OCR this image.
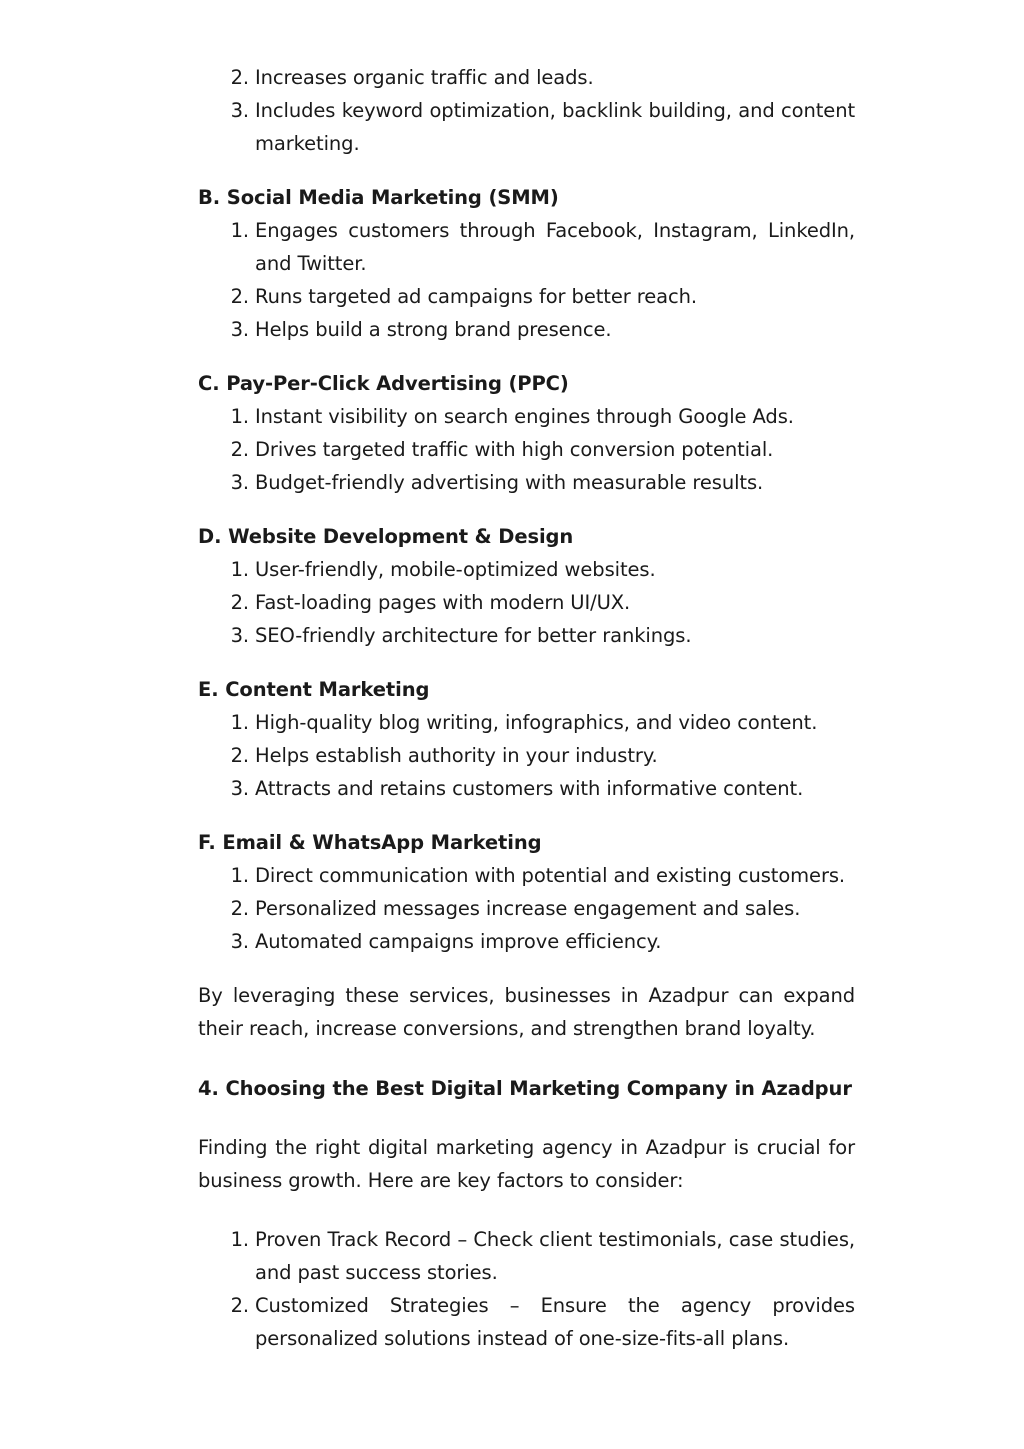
2. Increases organic traffic and leads.
3. Includes keyword optimization, backlink building, and content marketing.

B. Social Media Marketing (SMM)

1. Engages customers through Facebook, Instagram, LinkedIn, and Twitter.
2. Runs targeted ad campaigns for better reach.
3. Helps build a strong brand presence.

C. Pay-Per-Click Advertising (PPC)

1. Instant visibility on search engines through Google Ads.
2. Drives targeted traffic with high conversion potential.
3. Budget-friendly advertising with measurable results.

D. Website Development & Design

1. User-friendly, mobile-optimized websites.
2. Fast-loading pages with modern UI/UX.
3. SEO-friendly architecture for better rankings.

E. Content Marketing

1. High-quality blog writing, infographics, and video content.
2. Helps establish authority in your industry.
3. Attracts and retains customers with informative content.

F. Email & WhatsApp Marketing

1. Direct communication with potential and existing customers.
2. Personalized messages increase engagement and sales.
3. Automated campaigns improve efficiency.

By leveraging these services, businesses in Azadpur can expand their reach, increase conversions, and strengthen brand loyalty.

4. Choosing the Best Digital Marketing Company in Azadpur

Finding the right digital marketing agency in Azadpur is crucial for business growth. Here are key factors to consider:

1. Proven Track Record – Check client testimonials, case studies, and past success stories.
2. Customized Strategies – Ensure the agency provides personalized solutions instead of one-size-fits-all plans.
